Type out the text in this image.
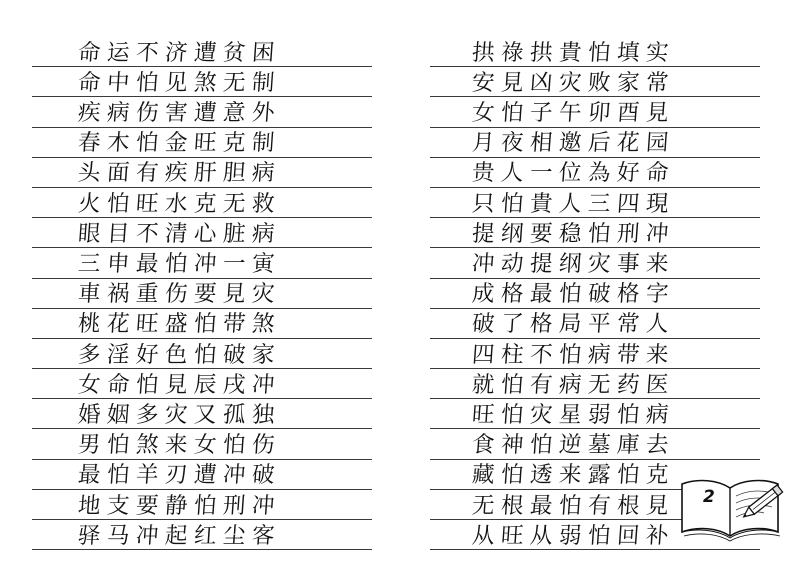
命运不济遭贫困
命中怕见煞无制
疾病伤害遭意外
春木怕金旺克制
头面有疾肝胆病
火怕旺水克无救
眼目不清心脏病
三申最怕冲一寅
車祸重伤要見灾
桃花旺盛怕带煞
多淫好色怕破家
女命怕見辰戌冲
婚姻多灾又孤独
男怕煞来女怕伤
最怕羊刃遭冲破
地支要静怕刑冲
驿马冲起红尘客
拱祿拱貴怕填实
安見凶灾败家常
女怕子午卯酉見
月夜相邀后花园
贵人一位為好命
只怕貴人三四現
提纲要稳怕刑冲
冲动提纲灾事来
成格最怕破格字
破了格局平常人
四柱不怕病带来
就怕有病无药医
旺怕灾星弱怕病
食神怕逆墓庫去
藏怕透来露怕克
无根最怕有根見
从旺从弱怕回补
2
